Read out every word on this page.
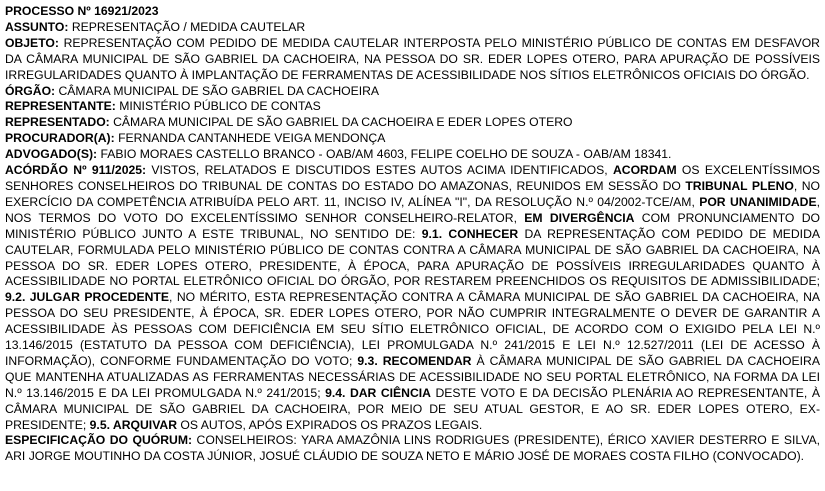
PROCESSO Nº 16921/2023

ASSUNTO: REPRESENTAÇÃO / MEDIDA CAUTELAR

OBJETO: REPRESENTAÇÃO COM PEDIDO DE MEDIDA CAUTELAR INTERPOSTA PELO MINISTÉRIO PÚBLICO DE CONTAS EM DESFAVOR DA CÂMARA MUNICIPAL DE SÃO GABRIEL DA CACHOEIRA, NA PESSOA DO SR. EDER LOPES OTERO, PARA APURAÇÃO DE POSSÍVEIS IRREGULARIDADES QUANTO À IMPLANTAÇÃO DE FERRAMENTAS DE ACESSIBILIDADE NOS SÍTIOS ELETRÔNICOS OFICIAIS DO ÓRGÃO.

ÓRGÃO: CÂMARA MUNICIPAL DE SÃO GABRIEL DA CACHOEIRA

REPRESENTANTE: MINISTÉRIO PÚBLICO DE CONTAS

REPRESENTADO: CÂMARA MUNICIPAL DE SÃO GABRIEL DA CACHOEIRA E EDER LOPES OTERO

PROCURADOR(A): FERNANDA CANTANHEDE VEIGA MENDONÇA

ADVOGADO(S): FABIO MORAES CASTELLO BRANCO - OAB/AM 4603, FELIPE COELHO DE SOUZA - OAB/AM 18341.

ACÓRDÃO Nº 911/2025: VISTOS, RELATADOS E DISCUTIDOS ESTES AUTOS ACIMA IDENTIFICADOS, ACORDAM OS EXCELENTÍSSIMOS SENHORES CONSELHEIROS DO TRIBUNAL DE CONTAS DO ESTADO DO AMAZONAS, REUNIDOS EM SESSÃO DO TRIBUNAL PLENO, NO EXERCÍCIO DA COMPETÊNCIA ATRIBUÍDA PELO ART. 11, INCISO IV, ALÍNEA "I", DA RESOLUÇÃO N.º 04/2002-TCE/AM, POR UNANIMIDADE, NOS TERMOS DO VOTO DO EXCELENTÍSSIMO SENHOR CONSELHEIRO-RELATOR, EM DIVERGÊNCIA COM PRONUNCIAMENTO DO MINISTÉRIO PÚBLICO JUNTO A ESTE TRIBUNAL, NO SENTIDO DE: 9.1. CONHECER DA REPRESENTAÇÃO COM PEDIDO DE MEDIDA CAUTELAR, FORMULADA PELO MINISTÉRIO PÚBLICO DE CONTAS CONTRA A CÂMARA MUNICIPAL DE SÃO GABRIEL DA CACHOEIRA, NA PESSOA DO SR. EDER LOPES OTERO, PRESIDENTE, À ÉPOCA, PARA APURAÇÃO DE POSSÍVEIS IRREGULARIDADES QUANTO À ACESSIBILIDADE NO PORTAL ELETRÔNICO OFICIAL DO ÓRGÃO, POR RESTAREM PREENCHIDOS OS REQUISITOS DE ADMISSIBILIDADE; 9.2. JULGAR PROCEDENTE, NO MÉRITO, ESTA REPRESENTAÇÃO CONTRA A CÂMARA MUNICIPAL DE SÃO GABRIEL DA CACHOEIRA, NA PESSOA DO SEU PRESIDENTE, À ÉPOCA, SR. EDER LOPES OTERO, POR NÃO CUMPRIR INTEGRALMENTE O DEVER DE GARANTIR A ACESSIBILIDADE ÀS PESSOAS COM DEFICIÊNCIA EM SEU SÍTIO ELETRÔNICO OFICIAL, DE ACORDO COM O EXIGIDO PELA LEI N.º 13.146/2015 (ESTATUTO DA PESSOA COM DEFICIÊNCIA), LEI PROMULGADA N.º 241/2015 E LEI N.º 12.527/2011 (LEI DE ACESSO À INFORMAÇÃO), CONFORME FUNDAMENTAÇÃO DO VOTO; 9.3. RECOMENDAR À CÂMARA MUNICIPAL DE SÃO GABRIEL DA CACHOEIRA QUE MANTENHA ATUALIZADAS AS FERRAMENTAS NECESSÁRIAS DE ACESSIBILIDADE NO SEU PORTAL ELETRÔNICO, NA FORMA DA LEI N.º 13.146/2015 E DA LEI PROMULGADA N.º 241/2015; 9.4. DAR CIÊNCIA DESTE VOTO E DA DECISÃO PLENÁRIA AO REPRESENTANTE, À CÂMARA MUNICIPAL DE SÃO GABRIEL DA CACHOEIRA, POR MEIO DE SEU ATUAL GESTOR, E AO SR. EDER LOPES OTERO, EX-PRESIDENTE; 9.5. ARQUIVAR OS AUTOS, APÓS EXPIRADOS OS PRAZOS LEGAIS.

ESPECIFICAÇÃO DO QUÓRUM: CONSELHEIROS: YARA AMAZÔNIA LINS RODRIGUES (PRESIDENTE), ÉRICO XAVIER DESTERRO E SILVA, ARI JORGE MOUTINHO DA COSTA JÚNIOR, JOSUÉ CLÁUDIO DE SOUZA NETO E MÁRIO JOSÉ DE MORAES COSTA FILHO (CONVOCADO).
